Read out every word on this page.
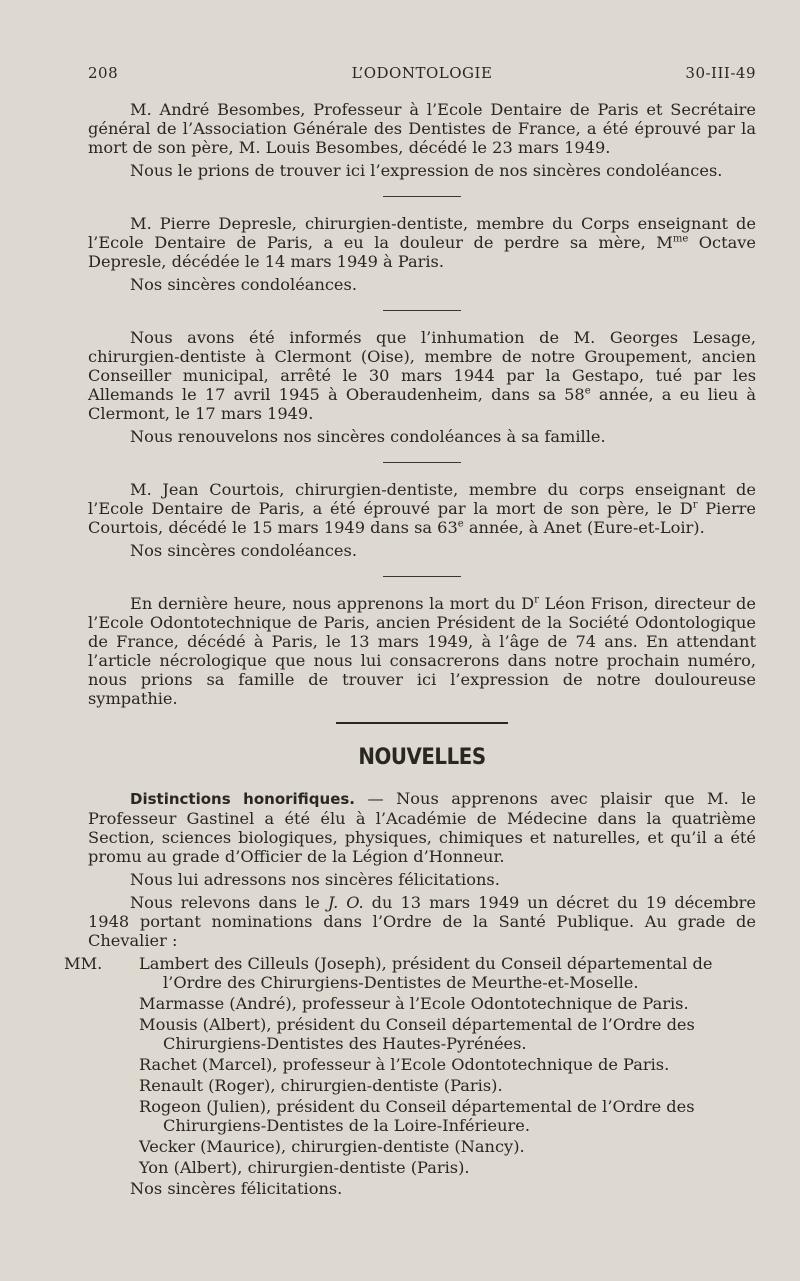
208	L’ODONTOLOGIE	30-III-49

M. André Besombes, Professeur à l’Ecole Dentaire de Paris et Secrétaire général de l’Association Générale des Dentistes de France, a été éprouvé par la mort de son père, M. Louis Besombes, décédé le 23 mars 1949.

Nous le prions de trouver ici l’expression de nos sincères condoléances.

M. Pierre Depresle, chirurgien-dentiste, membre du Corps enseignant de l’Ecole Dentaire de Paris, a eu la douleur de perdre sa mère, $M^{me}$ Octave Depresle, décédée le 14 mars 1949 à Paris.

Nos sincères condoléances.

Nous avons été informés que l’inhumation de M. Georges Lesage, chirurgien-dentiste à Clermont (Oise), membre de notre Groupement, ancien Conseiller municipal, arrêté le 30 mars 1944 par la Gestapo, tué par les Allemands le 17 avril 1945 à Oberaudenheim, dans sa 58e année, a eu lieu à Clermont, le 17 mars 1949.

Nous renouvelons nos sincères condoléances à sa famille.

M. Jean Courtois, chirurgien-dentiste, membre du corps enseignant de l’Ecole Dentaire de Paris, a été éprouvé par la mort de son père, le $D^r$ Pierre Courtois, décédé le 15 mars 1949 dans sa 63e année, à Anet (Eure-et-Loir).

Nos sincères condoléances.

En dernière heure, nous apprenons la mort du $D^r$ Léon Frison, directeur de l’Ecole Odontotechnique de Paris, ancien Président de la Société Odontologique de France, décédé à Paris, le 13 mars 1949, à l’âge de 74 ans. En attendant l’article nécrologique que nous lui consacrerons dans notre prochain numéro, nous prions sa famille de trouver ici l’expression de notre douloureuse sympathie.

NOUVELLES

Distinctions honorifiques. — Nous apprenons avec plaisir que M. le Professeur Gastinel a été élu à l’Académie de Médecine dans la quatrième Section, sciences biologiques, physiques, chimiques et naturelles, et qu’il a été promu au grade d’Officier de la Légion d’Honneur.

Nous lui adressons nos sincères félicitations.

Nous relevons dans le J. O. du 13 mars 1949 un décret du 19 décembre 1948 portant nominations dans l’Ordre de la Santé Publique. Au grade de Chevalier :

MM. Lambert des Cilleuls (Joseph), président du Conseil départemental de l’Ordre des Chirurgiens-Dentistes de Meurthe-et-Moselle.
Marmasse (André), professeur à l’Ecole Odontotechnique de Paris.
Mousis (Albert), président du Conseil départemental de l’Ordre des Chirurgiens-Dentistes des Hautes-Pyrénées.
Rachet (Marcel), professeur à l’Ecole Odontotechnique de Paris.
Renault (Roger), chirurgien-dentiste (Paris).
Rogeon (Julien), président du Conseil départemental de l’Ordre des Chirurgiens-Dentistes de la Loire-Inférieure.
Vecker (Maurice), chirurgien-dentiste (Nancy).
Yon (Albert), chirurgien-dentiste (Paris).
Nos sincères félicitations.
